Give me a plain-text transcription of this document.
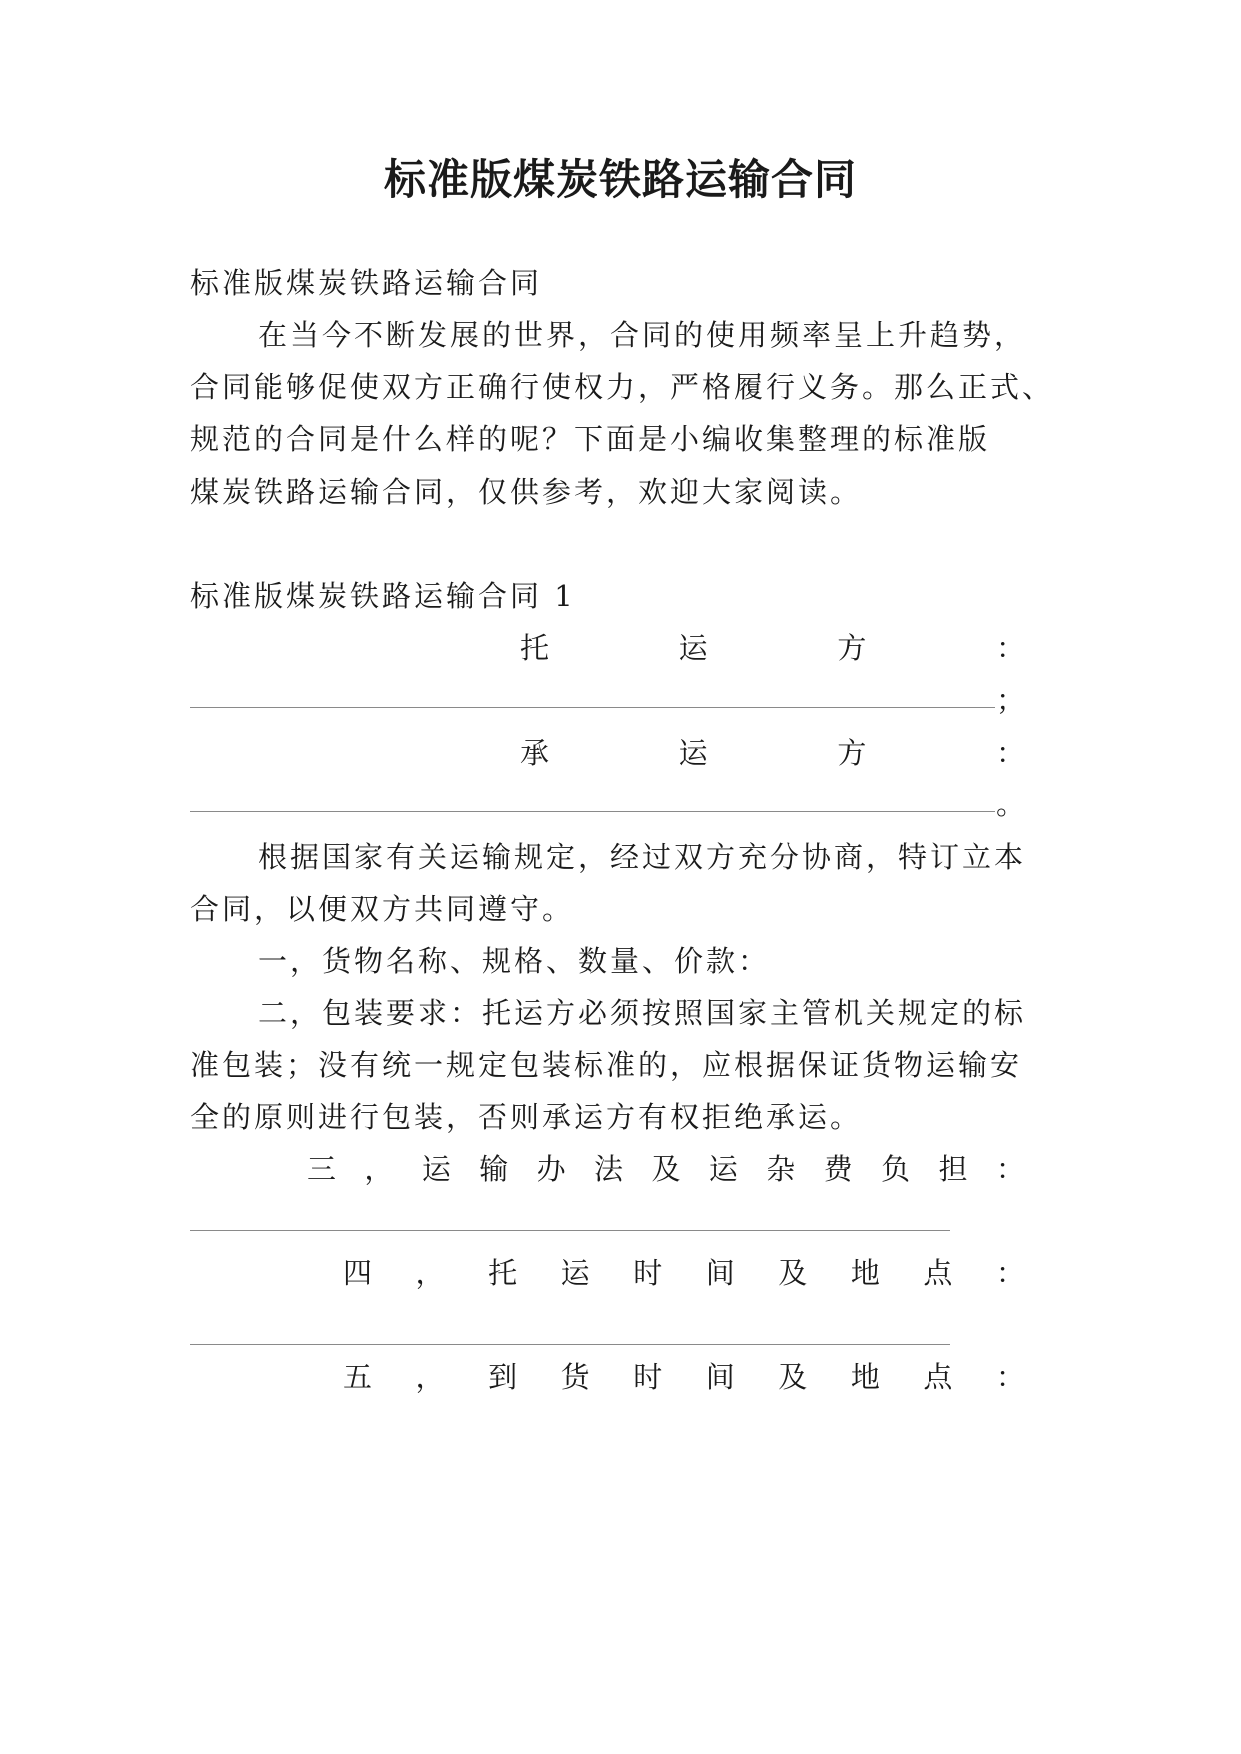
标准版煤炭铁路运输合同
标准版煤炭铁路运输合同
在当今不断发展的世界，合同的使用频率呈上升趋势，
合同能够促使双方正确行使权力，严格履行义务。那么正式、
规范的合同是什么样的呢？下面是小编收集整理的标准版
煤炭铁路运输合同，仅供参考，欢迎大家阅读。
标准版煤炭铁路运输合同 1
托	运	方	：
；
承	运	方	：
。
根据国家有关运输规定，经过双方充分协商，特订立本
合同，以便双方共同遵守。
一，货物名称、规格、数量、价款：
二，包装要求：托运方必须按照国家主管机关规定的标
准包装；没有统一规定包装标准的，应根据保证货物运输安
全的原则进行包装，否则承运方有权拒绝承运。
三 ， 运 输 办 法 及 运 杂 费 负 担 ：
四 ， 托 运 时 间 及 地 点 ：
五 ， 到 货 时 间 及 地 点 ：
